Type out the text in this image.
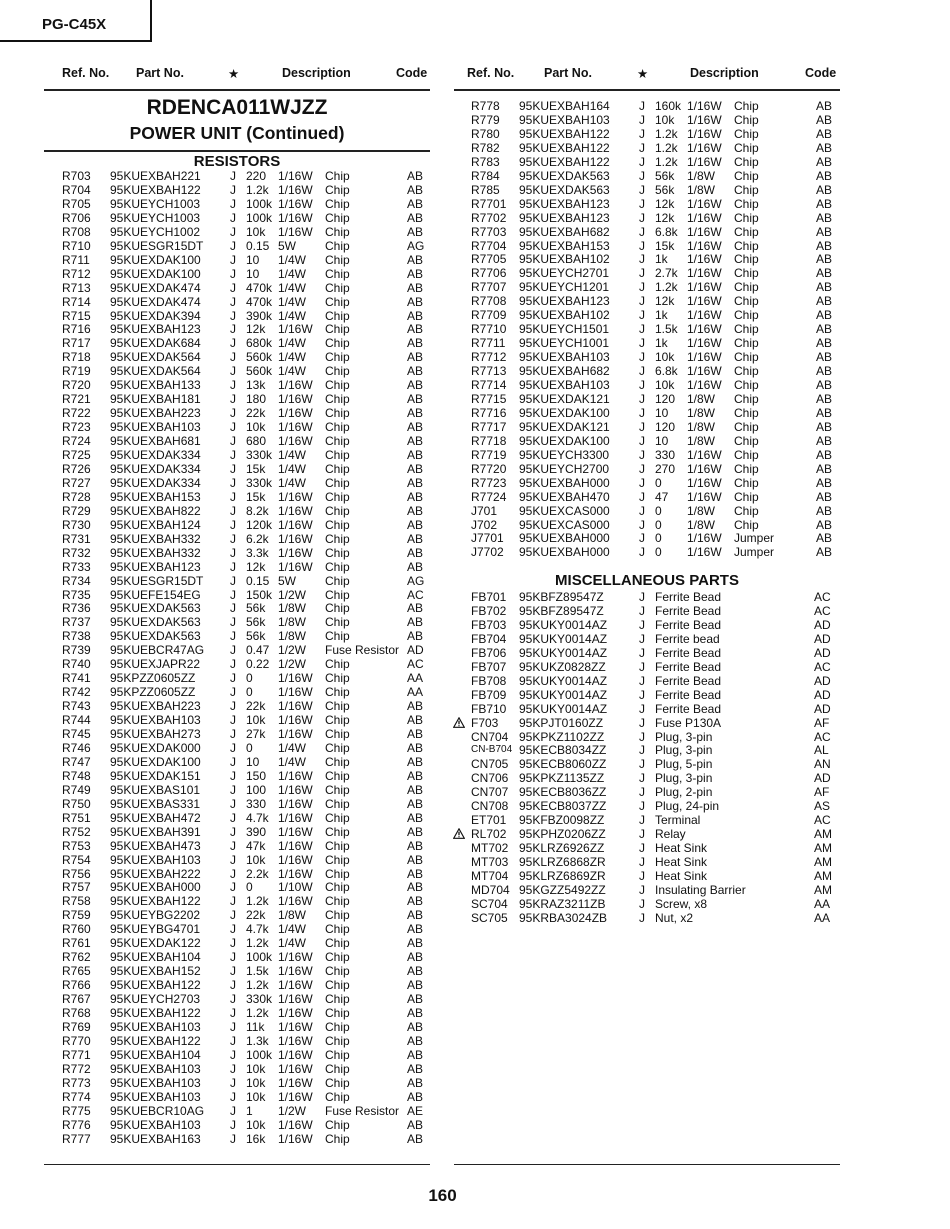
PG-C45X
Ref. No. Part No.	★	Description	Code	Ref. No. Part No.	★	Description	Code
RDENCA011WJZZ
POWER UNIT (Continued)
RESISTORS
R703 95KUEXBAH221 J 220 1/16W Chip	AB
R704 95KUEXBAH122 J 1.2k 1/16W Chip	AB
R705 95KUEYCH1003 J 100k 1/16W Chip	AB
R706 95KUEYCH1003 J 100k 1/16W Chip	AB
R708 95KUEYCH1002 J 10k 1/16W Chip	AB
R710 95KUESGR15DT J 0.15 5W Chip	AG
R711 95KUEXDAK100 J 10 1/4W Chip	AB
R712 95KUEXDAK100 J 10 1/4W Chip	AB
R713 95KUEXDAK474 J 470k 1/4W Chip	AB
R714 95KUEXDAK474 J 470k 1/4W Chip	AB
R715 95KUEXDAK394 J 390k 1/4W Chip	AB
R716 95KUEXBAH123 J 12k 1/16W Chip	AB
R717 95KUEXDAK684 J 680k 1/4W Chip	AB
R718 95KUEXDAK564 J 560k 1/4W Chip	AB
R719 95KUEXDAK564 J 560k 1/4W Chip	AB
R720 95KUEXBAH133 J 13k 1/16W Chip	AB
R721 95KUEXBAH181 J 180 1/16W Chip	AB
R722 95KUEXBAH223 J 22k 1/16W Chip	AB
R723 95KUEXBAH103 J 10k 1/16W Chip	AB
R724 95KUEXBAH681 J 680 1/16W Chip	AB
R725 95KUEXDAK334 J 330k 1/4W Chip	AB
R726 95KUEXDAK334 J 15k 1/4W Chip	AB
R727 95KUEXDAK334 J 330k 1/4W Chip	AB
R728 95KUEXBAH153 J 15k 1/16W Chip	AB
R729 95KUEXBAH822 J 8.2k 1/16W Chip	AB
R730 95KUEXBAH124 J 120k 1/16W Chip	AB
R731 95KUEXBAH332 J 6.2k 1/16W Chip	AB
R732 95KUEXBAH332 J 3.3k 1/16W Chip	AB
R733 95KUEXBAH123 J 12k 1/16W Chip	AB
R734 95KUESGR15DT J 0.15 5W Chip	AG
R735 95KUEFE154EG J 150k 1/2W Chip	AC
R736 95KUEXDAK563 J 56k 1/8W Chip	AB
R737 95KUEXDAK563 J 56k 1/8W Chip	AB
R738 95KUEXDAK563 J 56k 1/8W Chip	AB
R739 95KUEBCR47AG J 0.47 1/2W Fuse Resistor AD
R740 95KUEXJAPR22 J 0.22 1/2W Chip	AC
R741 95KPZZ0605ZZ	J 0 1/16W Chip	AA
R742 95KPZZ0605ZZ	J 0 1/16W Chip	AA
R743 95KUEXBAH223 J 22k 1/16W Chip	AB
R744 95KUEXBAH103 J 10k 1/16W Chip	AB
R745 95KUEXBAH273 J 27k 1/16W Chip	AB
R746 95KUEXDAK000 J 0 1/4W Chip	AB
R747 95KUEXDAK100 J 10 1/4W Chip	AB
R748 95KUEXDAK151 J 150 1/16W Chip	AB
R749 95KUEXBAS101 J 100 1/16W Chip	AB
R750 95KUEXBAS331 J 330 1/16W Chip	AB
R751 95KUEXBAH472 J 4.7k 1/16W Chip	AB
R752 95KUEXBAH391 J 390 1/16W Chip	AB
R753 95KUEXBAH473 J 47k 1/16W Chip	AB
R754 95KUEXBAH103 J 10k 1/16W Chip	AB
R756 95KUEXBAH222 J 2.2k 1/16W Chip	AB
R757 95KUEXBAH000 J 0 1/10W Chip	AB
R758 95KUEXBAH122 J 1.2k 1/16W Chip	AB
R759 95KUEYBG2202 J 22k 1/8W Chip	AB
R760 95KUEYBG4701 J 4.7k 1/4W Chip	AB
R761 95KUEXDAK122 J 1.2k 1/4W Chip	AB
R762 95KUEXBAH104 J 100k 1/16W Chip	AB
R765 95KUEXBAH152 J 1.5k 1/16W Chip	AB
R766 95KUEXBAH122 J 1.2k 1/16W Chip	AB
R767 95KUEYCH2703 J 330k 1/16W Chip	AB
R768 95KUEXBAH122 J 1.2k 1/16W Chip	AB
R769 95KUEXBAH103 J 11k 1/16W Chip	AB
R770 95KUEXBAH122 J 1.3k 1/16W Chip	AB
R771 95KUEXBAH104 J 100k 1/16W Chip	AB
R772 95KUEXBAH103 J 10k 1/16W Chip	AB
R773 95KUEXBAH103 J 10k 1/16W Chip	AB
R774 95KUEXBAH103 J 10k 1/16W Chip	AB
R775 95KUEBCR10AG J 1 1/2W Fuse Resistor AE
R776 95KUEXBAH103 J 10k 1/16W Chip	AB
R777 95KUEXBAH163 J 16k 1/16W Chip	AB
R778 95KUEXBAH164 J 160k 1/16W Chip	AB
R779 95KUEXBAH103 J 10k 1/16W Chip	AB
R780 95KUEXBAH122 J 1.2k 1/16W Chip	AB
R782 95KUEXBAH122 J 1.2k 1/16W Chip	AB
R783 95KUEXBAH122 J 1.2k 1/16W Chip	AB
R784 95KUEXDAK563 J 56k 1/8W Chip	AB
R785 95KUEXDAK563 J 56k 1/8W Chip	AB
R7701 95KUEXBAH123 J 12k 1/16W Chip	AB
R7702 95KUEXBAH123 J 12k 1/16W Chip	AB
R7703 95KUEXBAH682 J 6.8k 1/16W Chip	AB
R7704 95KUEXBAH153 J 15k 1/16W Chip	AB
R7705 95KUEXBAH102 J 1k 1/16W Chip	AB
R7706 95KUEYCH2701 J 2.7k 1/16W Chip	AB
R7707 95KUEYCH1201 J 1.2k 1/16W Chip	AB
R7708 95KUEXBAH123 J 12k 1/16W Chip	AB
R7709 95KUEXBAH102 J 1k 1/16W Chip	AB
R7710 95KUEYCH1501 J 1.5k 1/16W Chip	AB
R7711 95KUEYCH1001 J 1k 1/16W Chip	AB
R7712 95KUEXBAH103 J 10k 1/16W Chip	AB
R7713 95KUEXBAH682 J 6.8k 1/16W Chip	AB
R7714 95KUEXBAH103 J 10k 1/16W Chip	AB
R7715 95KUEXDAK121 J 120 1/8W Chip	AB
R7716 95KUEXDAK100 J 10 1/8W Chip	AB
R7717 95KUEXDAK121 J 120 1/8W Chip	AB
R7718 95KUEXDAK100 J 10 1/8W Chip	AB
R7719 95KUEYCH3300 J 330 1/16W Chip	AB
R7720 95KUEYCH2700 J 270 1/16W Chip	AB
R7723 95KUEXBAH000 J 0 1/16W Chip	AB
R7724 95KUEXBAH470 J 47 1/16W Chip	AB
J701 95KUEXCAS000 J 0 1/8W Chip	AB
J702 95KUEXCAS000 J 0 1/8W Chip	AB
J7701 95KUEXBAH000 J 0 1/16W Jumper	AB
J7702 95KUEXBAH000 J 0 1/16W Jumper	AB
MISCELLANEOUS PARTS
FB701 95KBFZ89547Z	J Ferrite Bead	AC
FB702 95KBFZ89547Z	J Ferrite Bead	AC
FB703 95KUKY0014AZ	J Ferrite Bead	AD
FB704 95KUKY0014AZ	J Ferrite bead	AD
FB706 95KUKY0014AZ	J Ferrite Bead	AD
FB707 95KUKZ0828ZZ	J Ferrite Bead	AC
FB708 95KUKY0014AZ	J Ferrite Bead	AD
FB709 95KUKY0014AZ	J Ferrite Bead	AD
FB710 95KUKY0014AZ	J Ferrite Bead	AD
F703 95KPJT0160ZZ	J Fuse P130A	AF
CN704 95KPKZ1102ZZ	J Plug, 3-pin	AC
CN-B704 95KECB8034ZZ	J Plug, 3-pin	AL
CN705 95KECB8060ZZ	J Plug, 5-pin	AN
CN706 95KPKZ1135ZZ	J Plug, 3-pin	AD
CN707 95KECB8036ZZ	J Plug, 2-pin	AF
CN708 95KECB8037ZZ	J Plug, 24-pin	AS
ET701 95KFBZ0098ZZ	J Terminal	AC
RL702 95KPHZ0206ZZ	J Relay	AM
MT702 95KLRZ6926ZZ	J Heat Sink	AM
MT703 95KLRZ6868ZR	J Heat Sink	AM
MT704 95KLRZ6869ZR	J Heat Sink	AM
MD704 95KGZZ5492ZZ	J Insulating Barrier	AM
SC704 95KRAZ3211ZB	J Screw, x8	AA
SC705 95KRBA3024ZB	J Nut, x2	AA
160
